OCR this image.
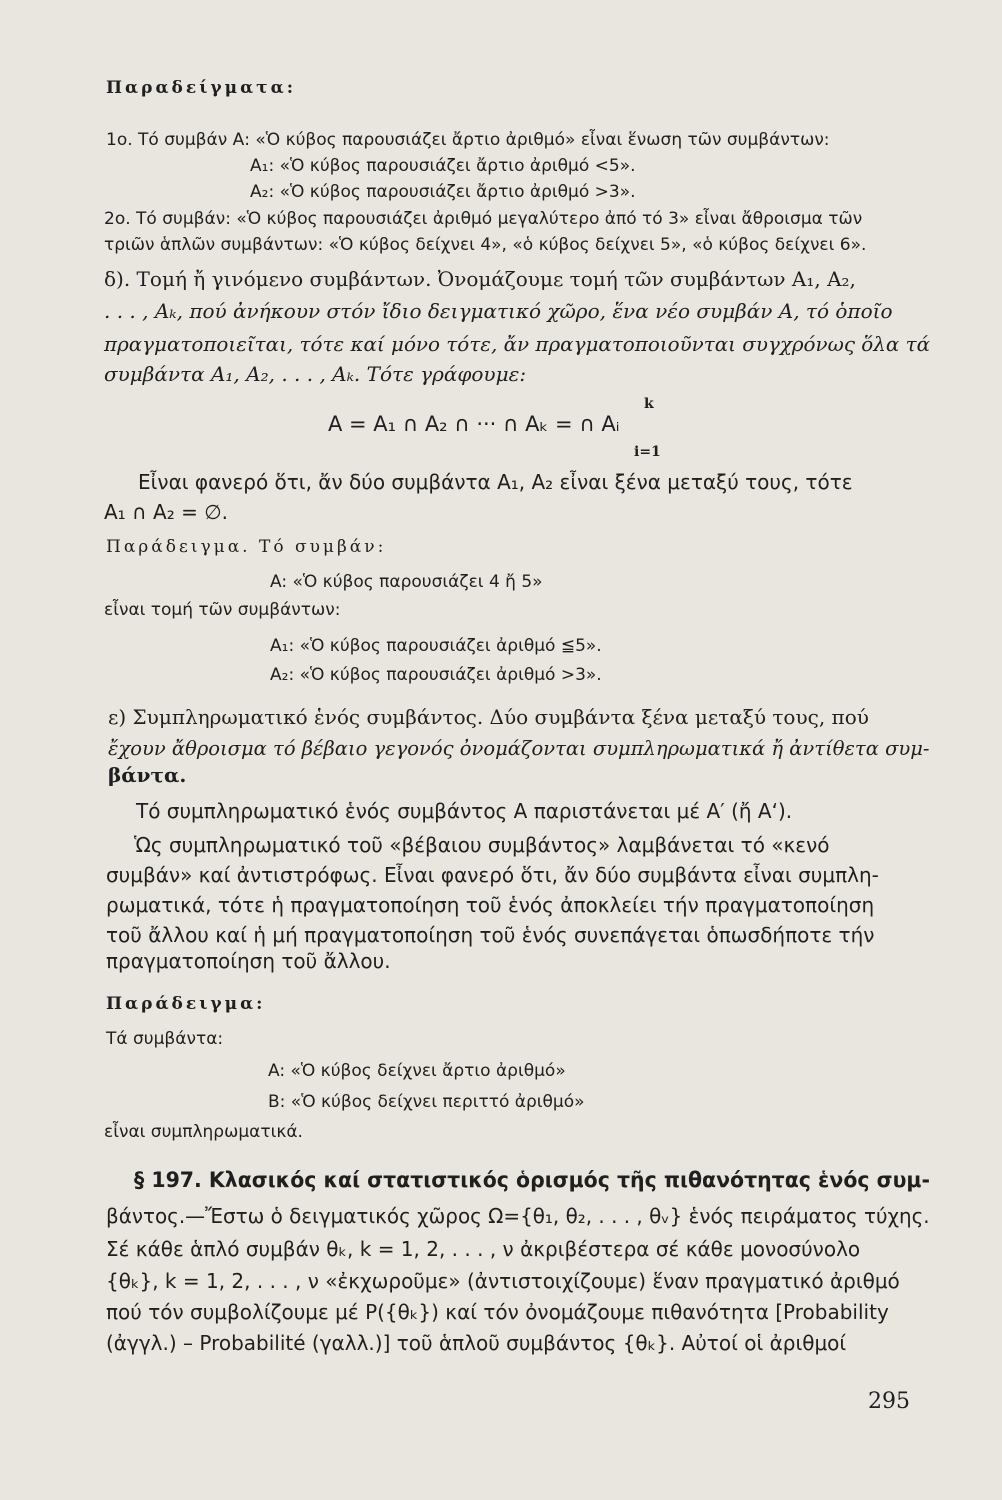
Παραδείγματα:
1ο. Τό συμβάν Α: «Ὁ κύβος παρουσιάζει ἄρτιο ἀριθμό» εἶναι ἕνωση τῶν συμβάντων:
A₁: «Ὁ κύβος παρουσιάζει ἄρτιο ἀριθμό <5».
A₂: «Ὁ κύβος παρουσιάζει ἄρτιο ἀριθμό >3».
2ο. Τό συμβάν: «Ὁ κύβος παρουσιάζει ἀριθμό μεγαλύτερο ἀπό τό 3» εἶναι ἄθροισμα τῶν
τριῶν ἁπλῶν συμβάντων: «Ὁ κύβος δείχνει 4», «ὁ κύβος δείχνει 5», «ὁ κύβος δείχνει 6».
δ). Τομή ἤ γινόμενο συμβάντων. Ὀνομάζουμε τομή τῶν συμβάντων A₁, A₂,
. . . , Aₖ, πού ἀνήκουν στόν ἴδιο δειγματικό χῶρο, ἕνα νέο συμβάν A, τό ὁποῖο
πραγματοποιεῖται, τότε καί μόνο τότε, ἄν πραγματοποιοῦνται συγχρόνως ὅλα τά
συμβάντα A₁, A₂, . . . , Aₖ. Τότε γράφουμε:
k
A = A₁ ∩ A₂ ∩ ··· ∩ Aₖ = ∩ Aᵢ
i=1
Εἶναι φανερό ὅτι, ἄν δύο συμβάντα A₁, A₂ εἶναι ξένα μεταξύ τους, τότε
A₁ ∩ A₂ = ∅.
Παράδειγμα. Τό συμβάν:
A: «Ὁ κύβος παρουσιάζει 4 ἤ 5»
εἶναι τομή τῶν συμβάντων:
A₁: «Ὁ κύβος παρουσιάζει ἀριθμό ≦5».
A₂: «Ὁ κύβος παρουσιάζει ἀριθμό >3».
ε) Συμπληρωματικό ἑνός συμβάντος. Δύο συμβάντα ξένα μεταξύ τους, πού
ἔχουν ἄθροισμα τό βέβαιο γεγονός ὀνομάζονται συμπληρωματικά ἤ ἀντίθετα συμ-
βάντα.
Τό συμπληρωματικό ἑνός συμβάντος A παριστάνεται μέ A′ (ἤ A‘).
Ὡς συμπληρωματικό τοῦ «βέβαιου συμβάντος» λαμβάνεται τό «κενό
συμβάν» καί ἀντιστρόφως. Εἶναι φανερό ὅτι, ἄν δύο συμβάντα εἶναι συμπλη-
ρωματικά, τότε ἡ πραγματοποίηση τοῦ ἑνός ἀποκλείει τήν πραγματοποίηση
τοῦ ἄλλου καί ἡ μή πραγματοποίηση τοῦ ἑνός συνεπάγεται ὁπωσδήποτε τήν
πραγματοποίηση τοῦ ἄλλου.
Παράδειγμα:
Τά συμβάντα:
A: «Ὁ κύβος δείχνει ἄρτιο ἀριθμό»
B: «Ὁ κύβος δείχνει περιττό ἀριθμό»
εἶναι συμπληρωματικά.
§ 197. Κλασικός καί στατιστικός ὁρισμός τῆς πιθανότητας ἑνός συμ-
βάντος.—Ἔστω ὁ δειγματικός χῶρος Ω={θ₁, θ₂, . . . , θᵥ} ἑνός πειράματος τύχης.
Σέ κάθε ἁπλό συμβάν θₖ, k = 1, 2, . . . , ν ἀκριβέστερα σέ κάθε μονοσύνολο
{θₖ}, k = 1, 2, . . . , ν «ἐκχωροῦμε» (ἀντιστοιχίζουμε) ἕναν πραγματικό ἀριθμό
πού τόν συμβολίζουμε μέ P({θₖ}) καί τόν ὀνομάζουμε πιθανότητα [Probability
(ἀγγλ.) – Probabilité (γαλλ.)] τοῦ ἁπλοῦ συμβάντος {θₖ}. Αὐτοί οἱ ἀριθμοί
295
